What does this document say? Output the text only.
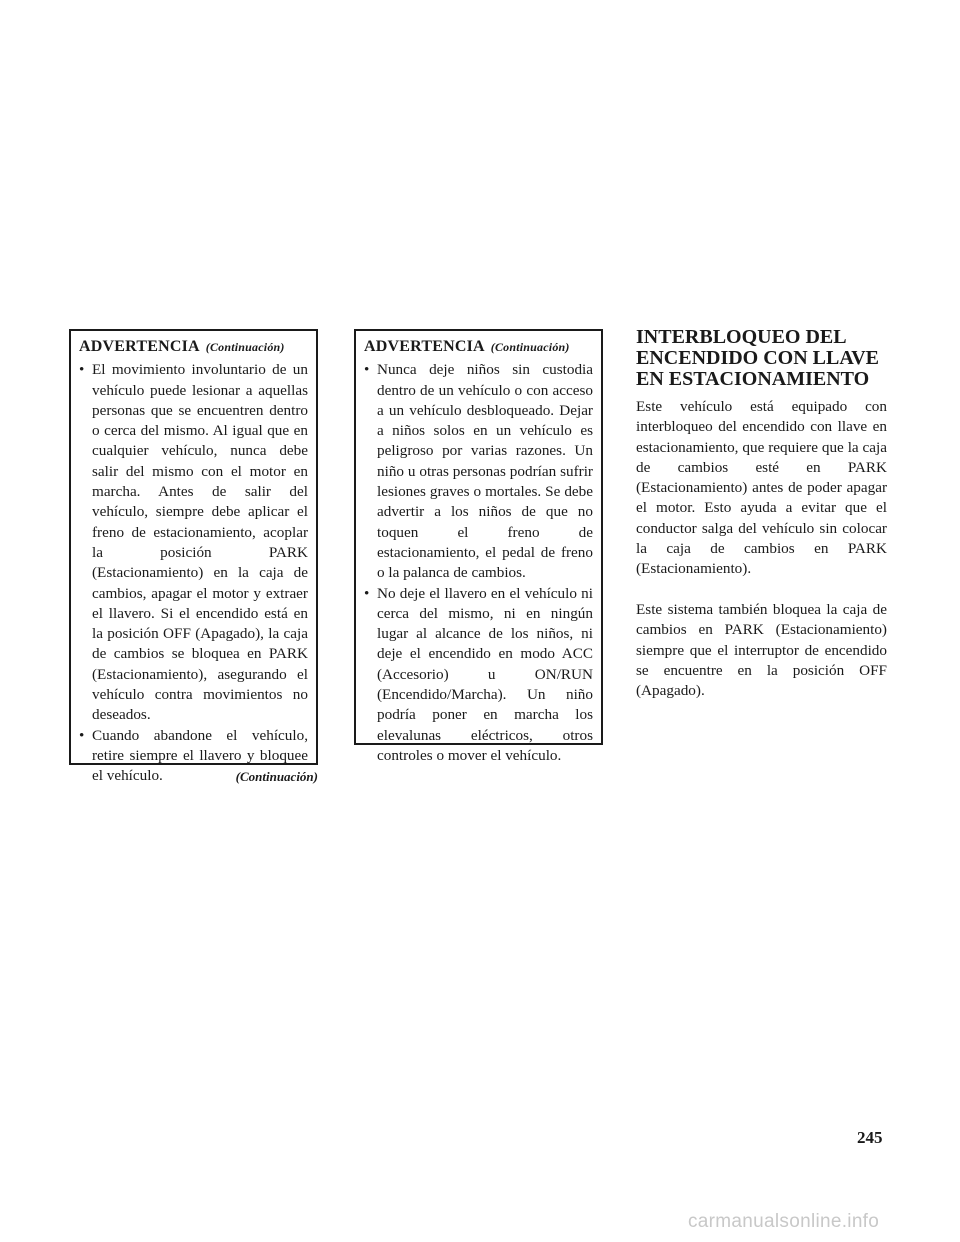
ADVERTENCIA (Continuación)
• El movimiento involuntario de un vehículo puede lesionar a aquellas personas que se encuentren dentro o cerca del mismo. Al igual que en cualquier vehículo, nunca debe salir del mismo con el motor en marcha. Antes de salir del vehículo, siempre debe aplicar el freno de estacionamiento, acoplar la posición PARK (Estacionamiento) en la caja de cambios, apagar el motor y extraer el llavero. Si el encendido está en la posición OFF (Apagado), la caja de cambios se bloquea en PARK (Estacionamiento), asegurando el vehículo contra movimientos no deseados.
• Cuando abandone el vehículo, retire siempre el llavero y bloquee el vehículo.	(Continuación)
ADVERTENCIA (Continuación)
• Nunca deje niños sin custodia dentro de un vehículo o con acceso a un vehículo desbloqueado. Dejar a niños solos en un vehículo es peligroso por varias razones. Un niño u otras personas podrían sufrir lesiones graves o mortales. Se debe advertir a los niños de que no toquen el freno de estacionamiento, el pedal de freno o la palanca de cambios.
• No deje el llavero en el vehículo ni cerca del mismo, ni en ningún lugar al alcance de los niños, ni deje el encendido en modo ACC (Accesorio) u ON/RUN (Encendido/Marcha). Un niño podría poner en marcha los elevalunas eléctricos, otros controles o mover el vehículo.
INTERBLOQUEO DEL
ENCENDIDO CON LLAVE
EN ESTACIONAMIENTO

Este vehículo está equipado con interbloqueo del encendido con llave en estacionamiento, que requiere que la caja de cambios esté en PARK (Estacionamiento) antes de poder apagar el motor. Esto ayuda a evitar que el conductor salga del vehículo sin colocar la caja de cambios en PARK (Estacionamiento).

Este sistema también bloquea la caja de cambios en PARK (Estacionamiento) siempre que el interruptor de encendido se encuentre en la posición OFF (Apagado).

245
carmanualsonline.info
